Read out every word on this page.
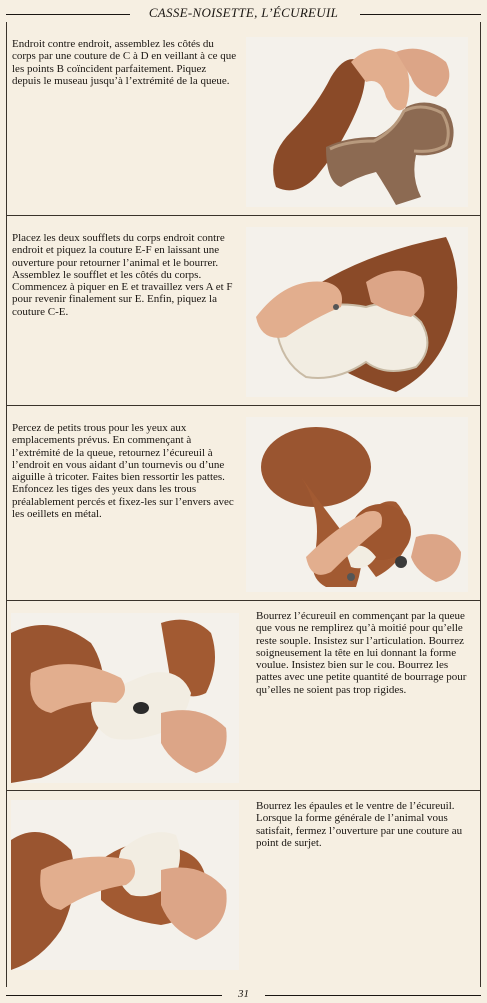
CASSE-NOISETTE, L’ÉCUREUIL
Endroit contre endroit, assemblez les côtés du corps par une couture de C à D en veillant à ce que les points B coïncident parfaitement. Piquez depuis le museau jusqu’à l’extrémité de la queue.
Placez les deux soufflets du corps endroit contre endroit et piquez la couture E-F en laissant une ouverture pour retourner l’animal et le bourrer. Assemblez le soufflet et les côtés du corps. Commencez à piquer en E et travaillez vers A et F pour revenir finalement sur E. Enfin, piquez la couture C-E.
Percez de petits trous pour les yeux aux emplacements prévus. En commençant à l’extrémité de la queue, retournez l’écureuil à l’endroit en vous aidant d’un tournevis ou d’une aiguille à tricoter. Faites bien ressortir les pattes. Enfoncez les tiges des yeux dans les trous préalablement percés et fixez-les sur l’envers avec les oeillets en métal.
Bourrez l’écureuil en commençant par la queue que vous ne remplirez qu’à moitié pour qu’elle reste souple. Insistez sur l’articulation. Bourrez soigneusement la tête en lui donnant la forme voulue. Insistez bien sur le cou. Bourrez les pattes avec une petite quantité de bourrage pour qu’elles ne soient pas trop rigides.
Bourrez les épaules et le ventre de l’écureuil. Lorsque la forme générale de l’animal vous satisfait, fermez l’ouverture par une couture au point de surjet.
31
